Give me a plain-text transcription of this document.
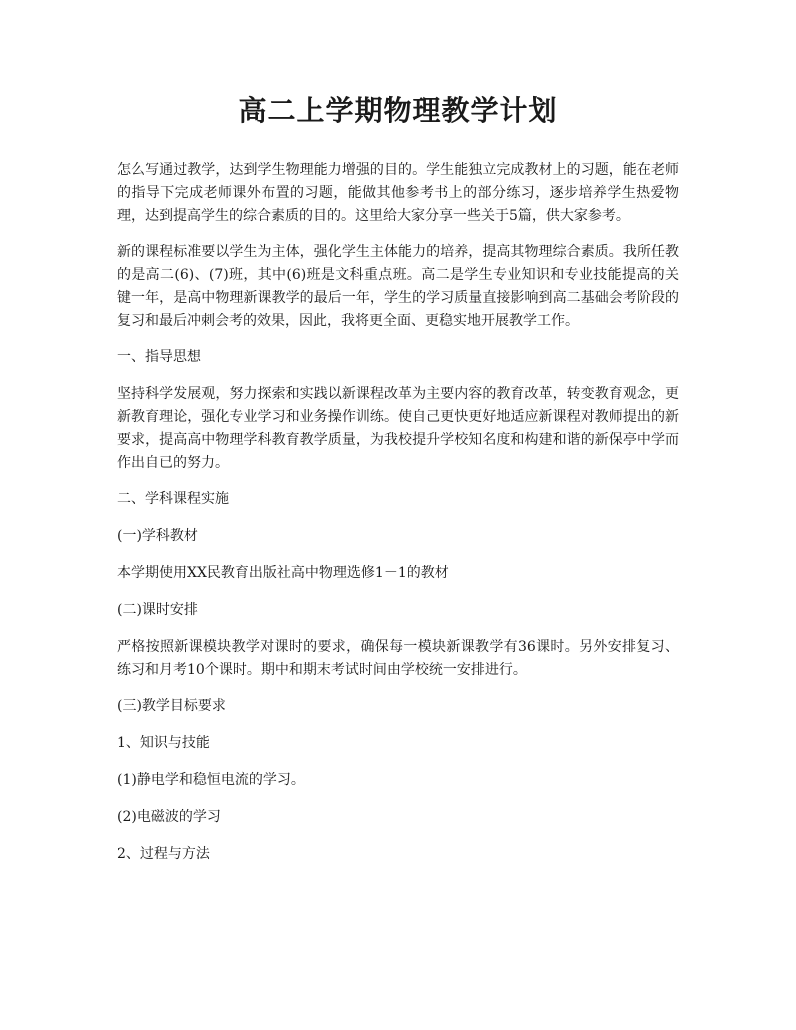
高二上学期物理教学计划

怎么写通过教学，达到学生物理能力增强的目的。学生能独立完成教材上的习题，能在老师的指导下完成老师课外布置的习题，能做其他参考书上的部分练习，逐步培养学生热爱物理，达到提高学生的综合素质的目的。这里给大家分享一些关于5篇，供大家参考。

新的课程标准要以学生为主体，强化学生主体能力的培养，提高其物理综合素质。我所任教的是高二(6)、(7)班，其中(6)班是文科重点班。高二是学生专业知识和专业技能提高的关键一年，是高中物理新课教学的最后一年，学生的学习质量直接影响到高二基础会考阶段的复习和最后冲刺会考的效果，因此，我将更全面、更稳实地开展教学工作。

一、指导思想

坚持科学发展观，努力探索和实践以新课程改革为主要内容的教育改革，转变教育观念，更新教育理论，强化专业学习和业务操作训练。使自己更快更好地适应新课程对教师提出的新要求，提高高中物理学科教育教学质量，为我校提升学校知名度和构建和谐的新保亭中学而作出自已的努力。

二、学科课程实施

(一)学科教材

本学期使用XX民教育出版社高中物理选修1－1的教材

(二)课时安排

严格按照新课模块教学对课时的要求，确保每一模块新课教学有36课时。另外安排复习、练习和月考10个课时。期中和期末考试时间由学校统一安排进行。

(三)教学目标要求

1、知识与技能

(1)静电学和稳恒电流的学习。

(2)电磁波的学习

2、过程与方法
